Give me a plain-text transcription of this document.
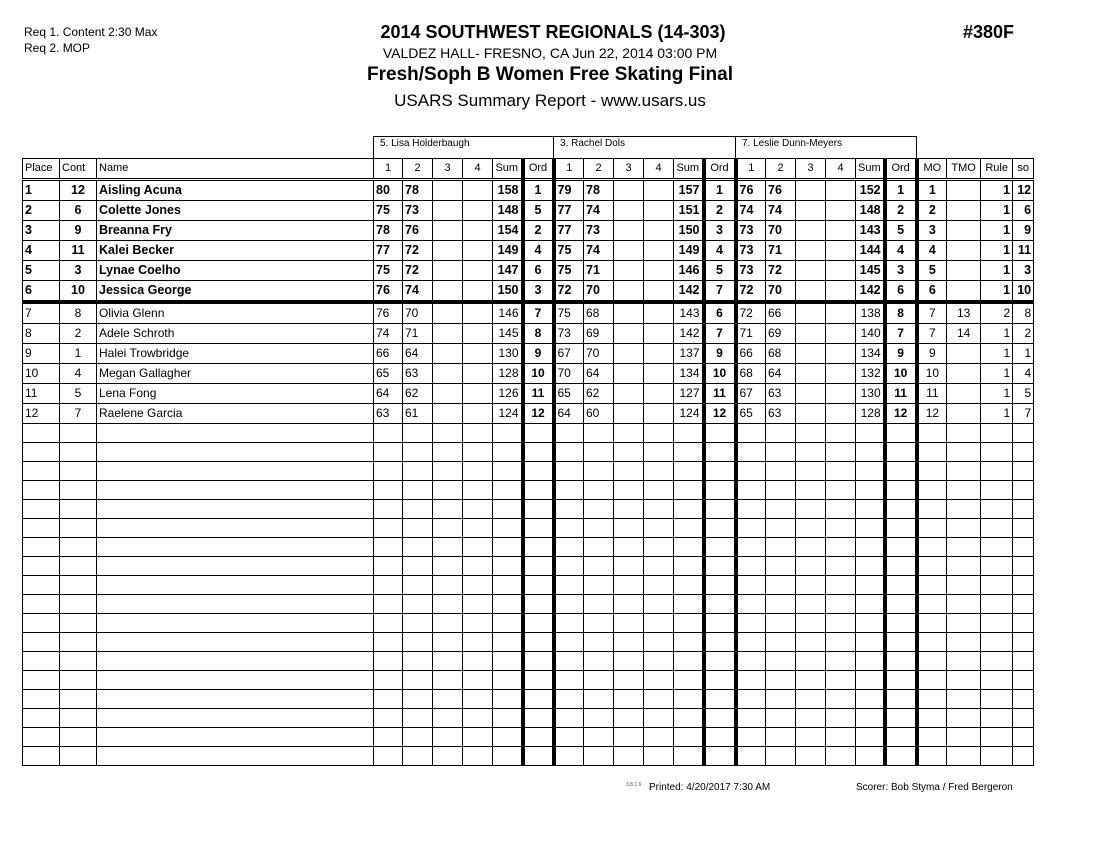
Req 1. Content 2:30 Max
Req 2. MOP
2014 SOUTHWEST REGIONALS (14-303)
VALDEZ HALL- FRESNO, CA Jun 22, 2014 03:00 PM
Fresh/Soph B Women Free Skating Final
USARS Summary Report - www.usars.us
#380F
5. Lisa Holderbaugh	3. Rachel Dols	7. Leslie Dunn-Meyers
Place	Cont	Name	1	2	3	4	Sum	Ord	1	2	3	4	Sum	Ord	1	2	3	4	Sum	Ord	MO	TMO	Rule	so
1	12	Aisling Acuna	80	78			158	1	79	78			157	1	76	76			152	1	1		1	12
2	6	Colette Jones	75	73			148	5	77	74			151	2	74	74			148	2	2		1	6
3	9	Breanna Fry	78	76			154	2	77	73			150	3	73	70			143	5	3		1	9
4	11	Kalei Becker	77	72			149	4	75	74			149	4	73	71			144	4	4		1	11
5	3	Lynae Coelho	75	72			147	6	75	71			146	5	73	72			145	3	5		1	3
6	10	Jessica George	76	74			150	3	72	70			142	7	72	70			142	6	6		1	10
7	8	Olivia Glenn	76	70			146	7	75	68			143	6	72	66			138	8	7	13	2	8
8	2	Adele Schroth	74	71			145	8	73	69			142	7	71	69			140	7	7	14	1	2
9	1	Halei Trowbridge	66	64			130	9	67	70			137	9	66	68			134	9	9		1	1
10	4	Megan Gallagher	65	63			128	10	70	64			134	10	68	64			132	10	10		1	4
11	5	Lena Fong	64	62			126	11	65	62			127	11	67	63			130	11	11		1	5
12	7	Raelene Garcia	63	61			124	12	64	60			124	12	65	63			128	12	12		1	7

3.8.1.6 Printed: 4/20/2017 7:30 AM	Scorer: Bob Styma / Fred Bergeron
